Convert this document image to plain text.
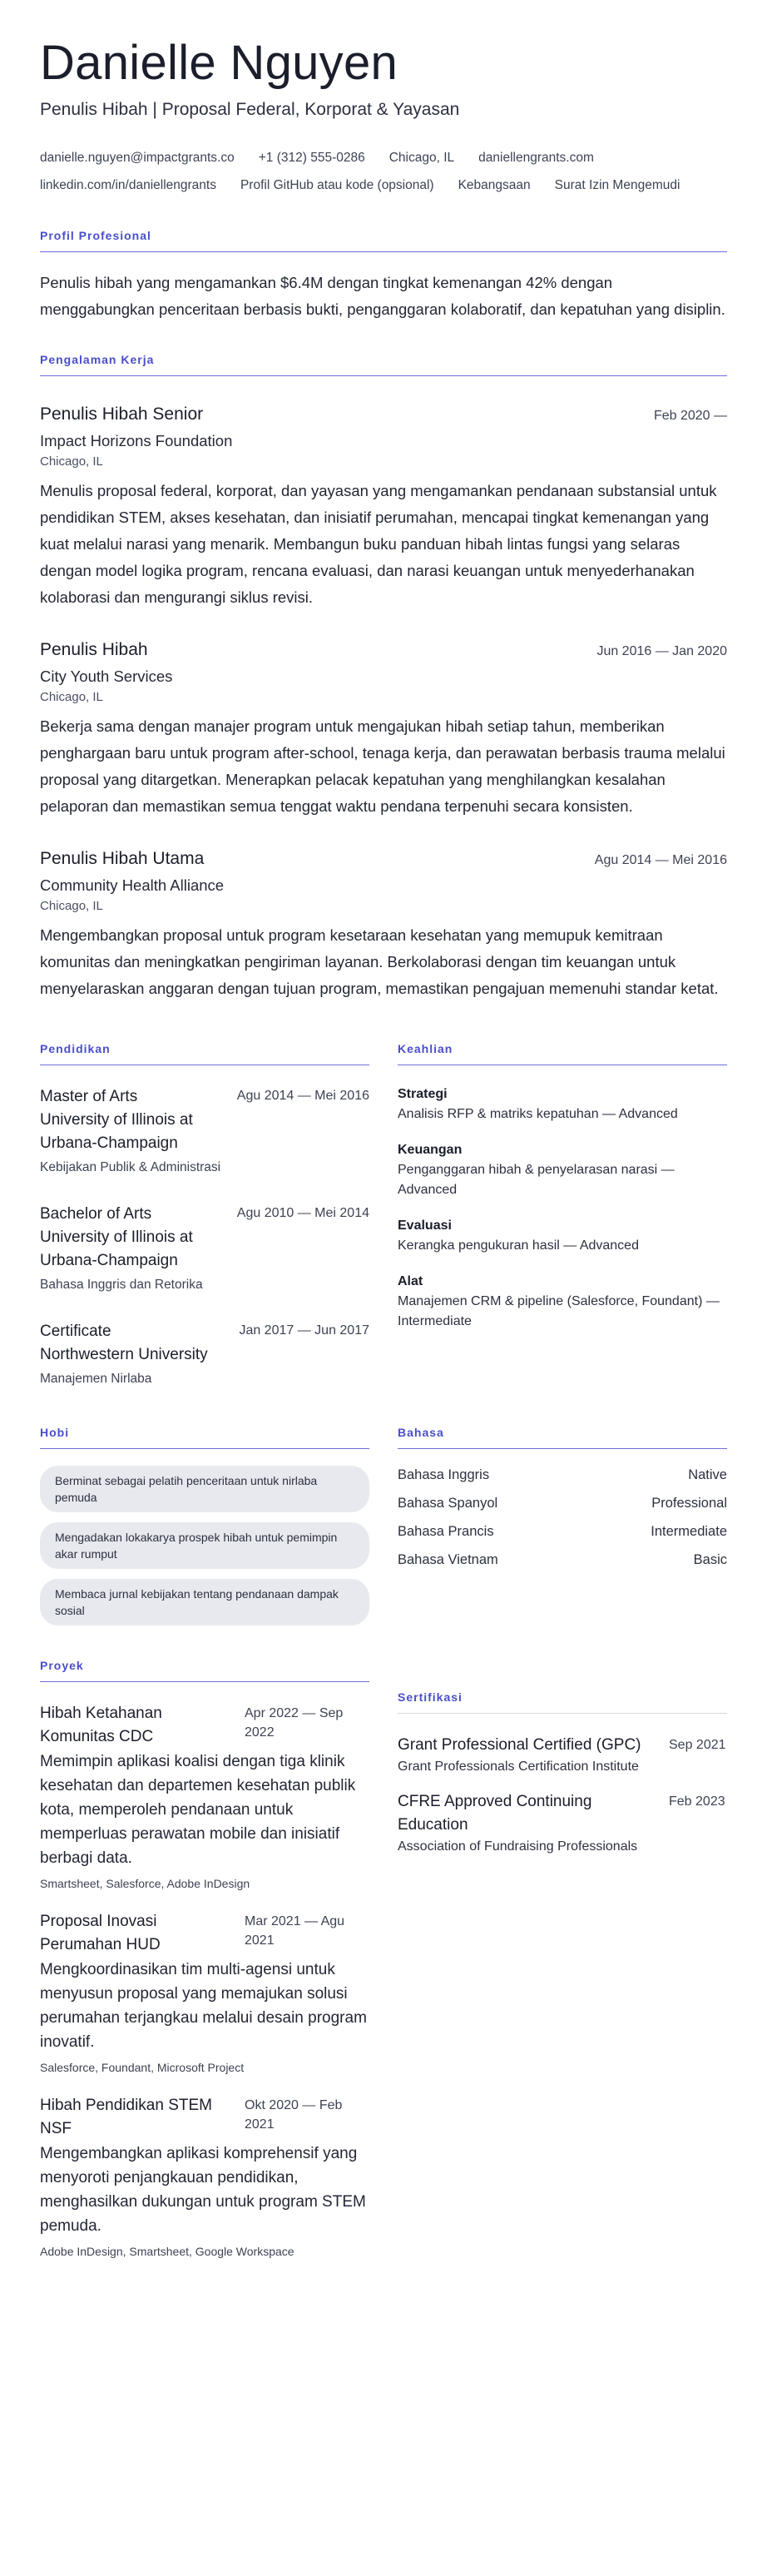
Danielle Nguyen
Penulis Hibah | Proposal Federal, Korporat & Yayasan
danielle.nguyen@impactgrants.co +1 (312) 555-0286 Chicago, IL daniellengrants.com
linkedin.com/in/daniellengrants Profil GitHub atau kode (opsional) Kebangsaan Surat Izin Mengemudi
Profil Profesional

Penulis hibah yang mengamankan $6.4M dengan tingkat kemenangan 42% dengan menggabungkan penceritaan berbasis bukti, penganggaran kolaboratif, dan kepatuhan yang disiplin.

Pengalaman Kerja
Penulis Hibah Senior	Feb 2020 —
Impact Horizons Foundation
Chicago, IL

Menulis proposal federal, korporat, dan yayasan yang mengamankan pendanaan substansial untuk pendidikan STEM, akses kesehatan, dan inisiatif perumahan, mencapai tingkat kemenangan yang kuat melalui narasi yang menarik. Membangun buku panduan hibah lintas fungsi yang selaras dengan model logika program, rencana evaluasi, dan narasi keuangan untuk menyederhanakan kolaborasi dan mengurangi siklus revisi.

Penulis Hibah	Jun 2016 — Jan 2020
City Youth Services
Chicago, IL

Bekerja sama dengan manajer program untuk mengajukan hibah setiap tahun, memberikan penghargaan baru untuk program after-school, tenaga kerja, dan perawatan berbasis trauma melalui proposal yang ditargetkan. Menerapkan pelacak kepatuhan yang menghilangkan kesalahan pelaporan dan memastikan semua tenggat waktu pendana terpenuhi secara konsisten.

Penulis Hibah Utama	Agu 2014 — Mei 2016
Community Health Alliance
Chicago, IL

Mengembangkan proposal untuk program kesetaraan kesehatan yang memupuk kemitraan komunitas dan meningkatkan pengiriman layanan. Berkolaborasi dengan tim keuangan untuk menyelaraskan anggaran dengan tujuan program, memastikan pengajuan memenuhi standar ketat.

Pendidikan
Master of Arts	Agu 2014 — Mei 2016
University of Illinois at Urbana-Champaign
Kebijakan Publik & Administrasi
Bachelor of Arts	Agu 2010 — Mei 2014
University of Illinois at Urbana-Champaign
Bahasa Inggris dan Retorika
Certificate	Jan 2017 — Jun 2017
Northwestern University
Manajemen Nirlaba
Keahlian
Strategi
Analisis RFP & matriks kepatuhan — Advanced
Keuangan
Penganggaran hibah & penyelarasan narasi — Advanced
Evaluasi
Kerangka pengukuran hasil — Advanced
Alat
Manajemen CRM & pipeline (Salesforce, Foundant) — Intermediate
Hobi
Berminat sebagai pelatih penceritaan untuk nirlaba pemuda
Mengadakan lokakarya prospek hibah untuk pemimpin akar rumput
Membaca jurnal kebijakan tentang pendanaan dampak sosial
Bahasa
Bahasa Inggris	Native
Bahasa Spanyol	Professional
Bahasa Prancis	Intermediate
Bahasa Vietnam	Basic
Proyek
Hibah Ketahanan Komunitas CDC
Apr 2022 — Sep 2022

Memimpin aplikasi koalisi dengan tiga klinik kesehatan dan departemen kesehatan publik kota, memperoleh pendanaan untuk memperluas perawatan mobile dan inisiatif berbagi data.

Smartsheet, Salesforce, Adobe InDesign
Proposal Inovasi Perumahan HUD
Mar 2021 — Agu 2021

Mengkoordinasikan tim multi-agensi untuk menyusun proposal yang memajukan solusi perumahan terjangkau melalui desain program inovatif.

Salesforce, Foundant, Microsoft Project
Hibah Pendidikan STEM NSF
Okt 2020 — Feb 2021

Mengembangkan aplikasi komprehensif yang menyoroti penjangkauan pendidikan, menghasilkan dukungan untuk program STEM pemuda.

Adobe InDesign, Smartsheet, Google Workspace
Sertifikasi
Grant Professional Certified (GPC)	Sep 2021
Grant Professionals Certification Institute
CFRE Approved Continuing Education
Feb 2023
Association of Fundraising Professionals
